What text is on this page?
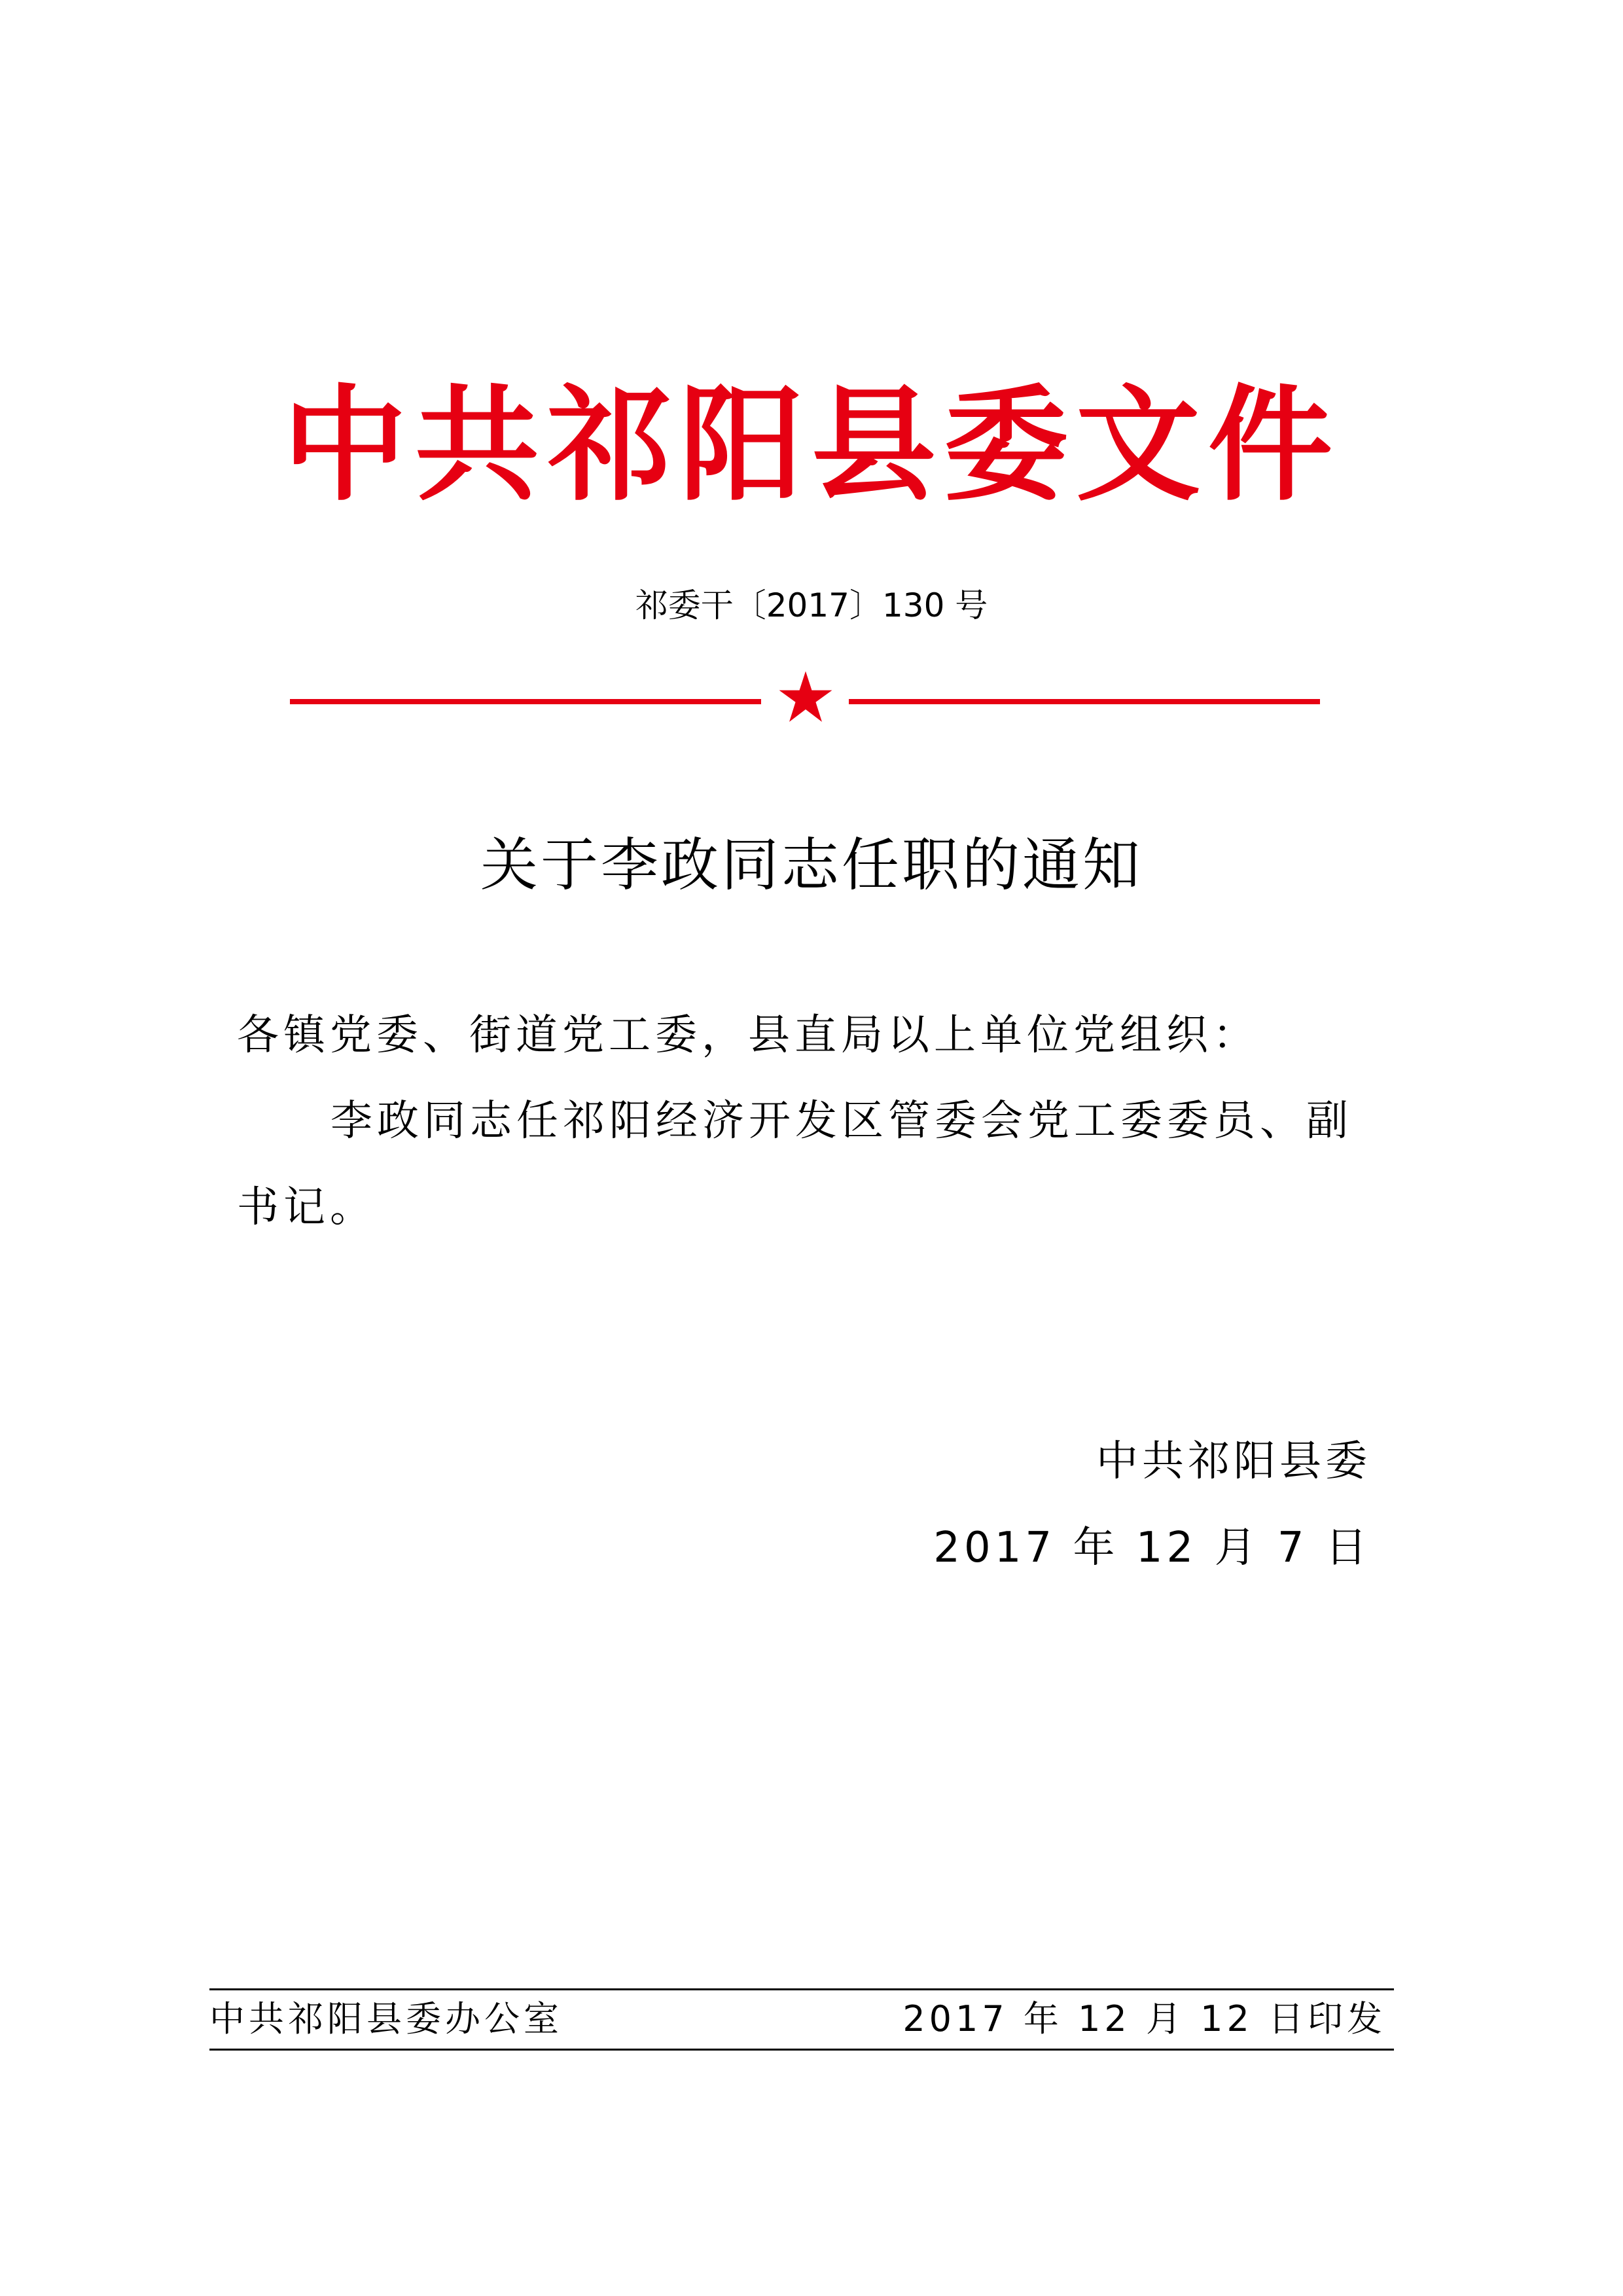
中共祁阳县委文件
祁委干〔2017〕130 号
关于李政同志任职的通知
各镇党委、街道党工委，县直局以上单位党组织：
李政同志任祁阳经济开发区管委会党工委委员、副
书记。
中共祁阳县委
2017 年 12 月 7 日
中共祁阳县委办公室	2017 年 12 月 12 日印发
